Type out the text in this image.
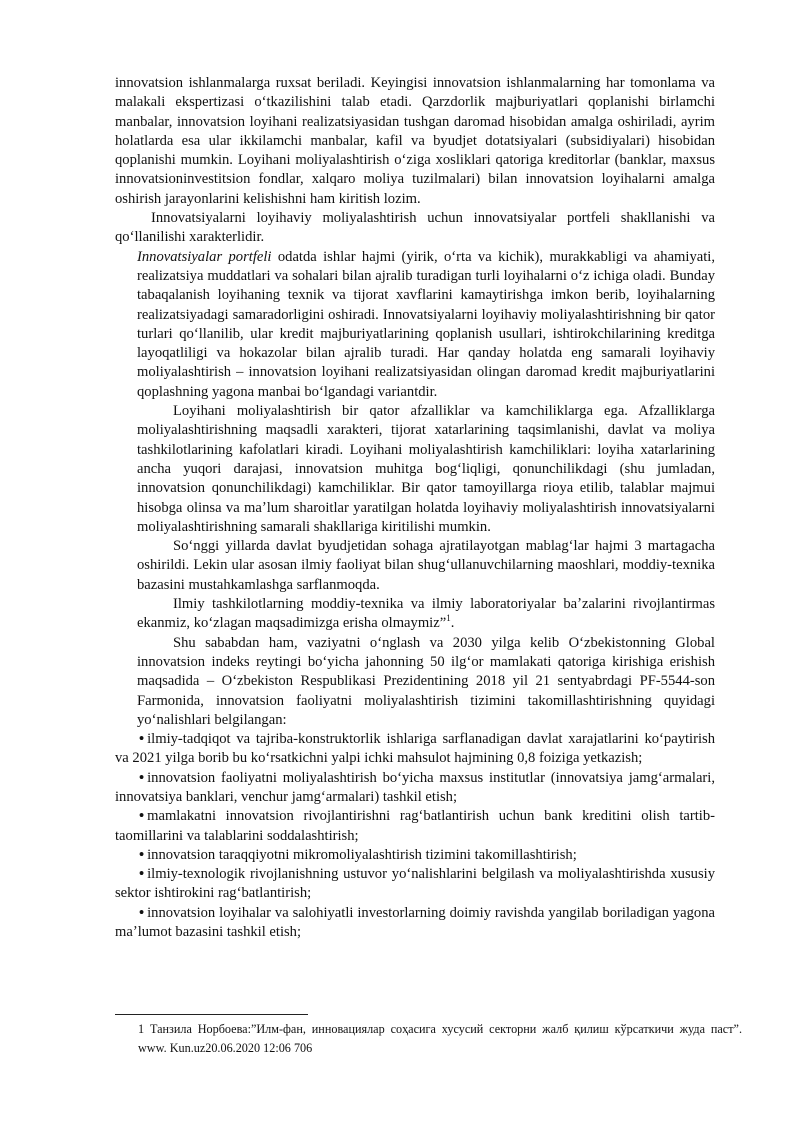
innovatsion ishlanmalarga ruxsat beriladi. Keyingisi innovatsion ishlanmalarning har tomonlama va malakali ekspertizasi oʻtkazilishini talab etadi. Qarzdorlik majburiyatlari qoplanishi birlamchi manbalar, innovatsion loyihani realizatsiyasidan tushgan daromad hisobidan amalga oshiriladi, ayrim holatlarda esa ular ikkilamchi manbalar, kafil va byudjet dotatsiyalari (subsidiyalari) hisobidan qoplanishi mumkin. Loyihani moliyalashtirish oʻziga xosliklari qatoriga kreditorlar (banklar, maxsus innovatsioninvestitsion fondlar, xalqaro moliya tuzilmalari) bilan innovatsion loyihalarni amalga oshirish jarayonlarini kelishishni ham kiritish lozim.

Innovatsiyalarni loyihaviy moliyalashtirish uchun innovatsiyalar portfeli shakllanishi va qoʻllanilishi xarakterlidir.

Innovatsiyalar portfeli odatda ishlar hajmi (yirik, oʻrta va kichik), murakkabligi va ahamiyati, realizatsiya muddatlari va sohalari bilan ajralib turadigan turli loyihalarni oʻz ichiga oladi. Bunday tabaqalanish loyihaning texnik va tijorat xavflarini kamaytirishga imkon berib, loyihalarning realizatsiyadagi samaradorligini oshiradi. Innovatsiyalarni loyihaviy moliyalashtirishning bir qator turlari qoʻllanilib, ular kredit majburiyatlarining qoplanish usullari, ishtirokchilarining kreditga layoqatliligi va hokazolar bilan ajralib turadi. Har qanday holatda eng samarali loyihaviy moliyalashtirish – innovatsion loyihani realizatsiyasidan olingan daromad kredit majburiyatlarini qoplashning yagona manbai boʻlgandagi variantdir.

Loyihani moliyalashtirish bir qator afzalliklar va kamchiliklarga ega. Afzalliklarga moliyalashtirishning maqsadli xarakteri, tijorat xatarlarining taqsimlanishi, davlat va moliya tashkilotlarining kafolatlari kiradi. Loyihani moliyalashtirish kamchiliklari: loyiha xatarlarining ancha yuqori darajasi, innovatsion muhitga bogʻliqligi, qonunchilikdagi (shu jumladan, innovatsion qonunchilikdagi) kamchiliklar. Bir qator tamoyillarga rioya etilib, talablar majmui hisobga olinsa va maʼlum sharoitlar yaratilgan holatda loyihaviy moliyalashtirish innovatsiyalarni moliyalashtirishning samarali shakllariga kiritilishi mumkin.

Soʻnggi yillarda davlat byudjetidan sohaga ajratilayotgan mablagʻlar hajmi 3 martagacha oshirildi. Lekin ular asosan ilmiy faoliyat bilan shugʻullanuvchilarning maoshlari, moddiy-texnika bazasini mustahkamlashga sarflanmoqda.

Ilmiy tashkilotlarning moddiy-texnika va ilmiy laboratoriyalar baʼzalarini rivojlantirmas ekanmiz, koʻzlagan maqsadimizga erisha olmaymiz”$^1$.

Shu sababdan ham, vaziyatni oʻnglash va 2030 yilga kelib Oʻzbekistonning Global innovatsion indeks reytingi boʻyicha jahonning 50 ilgʻor mamlakati qatoriga kirishiga erishish maqsadida – Oʻzbekiston Respublikasi Prezidentining 2018 yil 21 sentyabrdagi PF-5544-son Farmonida, innovatsion faoliyatni moliyalashtirish tizimini takomillashtirishning quyidagi yoʻnalishlari belgilangan:

• ilmiy-tadqiqot va tajriba-konstruktorlik ishlariga sarflanadigan davlat xarajatlarini koʻpaytirish va 2021 yilga borib bu koʻrsatkichni yalpi ichki mahsulot hajmining 0,8 foiziga yetkazish;

• innovatsion faoliyatni moliyalashtirish boʻyicha maxsus institutlar (innovatsiya jamgʻarmalari, innovatsiya banklari, venchur jamgʻarmalari) tashkil etish;

• mamlakatni innovatsion rivojlantirishni ragʻbatlantirish uchun bank kreditini olish tartib-taomillarini va talablarini soddalashtirish;

• innovatsion taraqqiyotni mikromoliyalashtirish tizimini takomillashtirish;

• ilmiy-texnologik rivojlanishning ustuvor yoʻnalishlarini belgilash va moliyalashtirishda xususiy sektor ishtirokini ragʻbatlantirish;

• innovatsion loyihalar va salohiyatli investorlarning doimiy ravishda yangilab boriladigan yagona maʼlumot bazasini tashkil etish;

1 Танзила Норбоева:”Илм-фан, инновациялар соҳасига хусусий секторни жалб қилиш кўрсаткичи жуда паст”. www. Kun.uz20.06.2020 12:06 706
